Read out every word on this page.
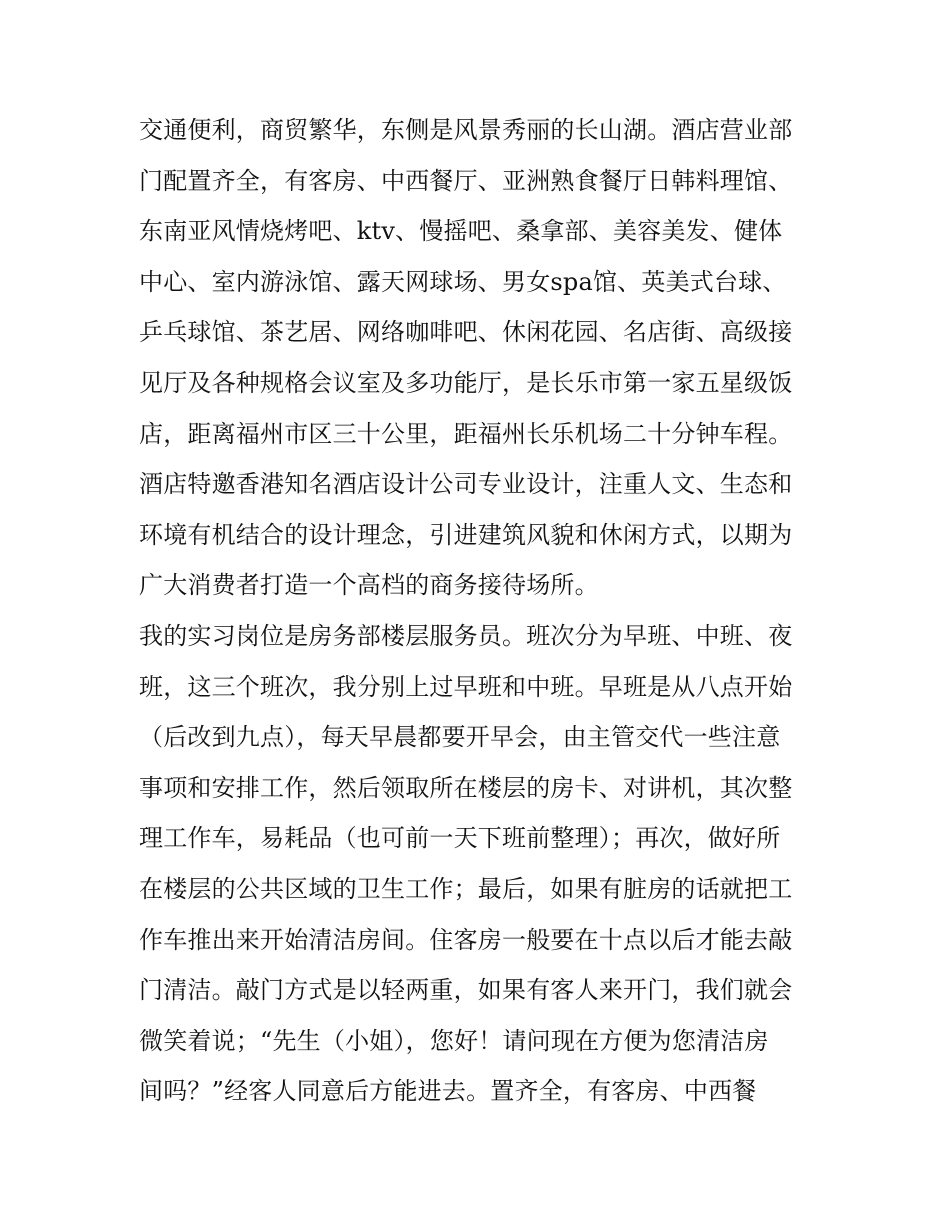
交通便利，商贸繁华，东侧是风景秀丽的长山湖。酒店营业部
门配置齐全，有客房、中西餐厅、亚洲熟食餐厅日韩料理馆、
东南亚风情烧烤吧、ktv、慢摇吧、桑拿部、美容美发、健体
中心、室内游泳馆、露天网球场、男女spa馆、英美式台球、
乒乓球馆、茶艺居、网络咖啡吧、休闲花园、名店街、高级接
见厅及各种规格会议室及多功能厅，是长乐市第一家五星级饭
店，距离福州市区三十公里，距福州长乐机场二十分钟车程。
酒店特邀香港知名酒店设计公司专业设计，注重人文、生态和
环境有机结合的设计理念，引进建筑风貌和休闲方式，以期为
广大消费者打造一个高档的商务接待场所。
我的实习岗位是房务部楼层服务员。班次分为早班、中班、夜
班，这三个班次，我分别上过早班和中班。早班是从八点开始
（后改到九点），每天早晨都要开早会，由主管交代一些注意
事项和安排工作，然后领取所在楼层的房卡、对讲机，其次整
理工作车，易耗品（也可前一天下班前整理）；再次，做好所
在楼层的公共区域的卫生工作；最后，如果有脏房的话就把工
作车推出来开始清洁房间。住客房一般要在十点以后才能去敲
门清洁。敲门方式是以轻两重，如果有客人来开门，我们就会
微笑着说；“先生（小姐），您好！请问现在方便为您清洁房
间吗？”经客人同意后方能进去。置齐全，有客房、中西餐
